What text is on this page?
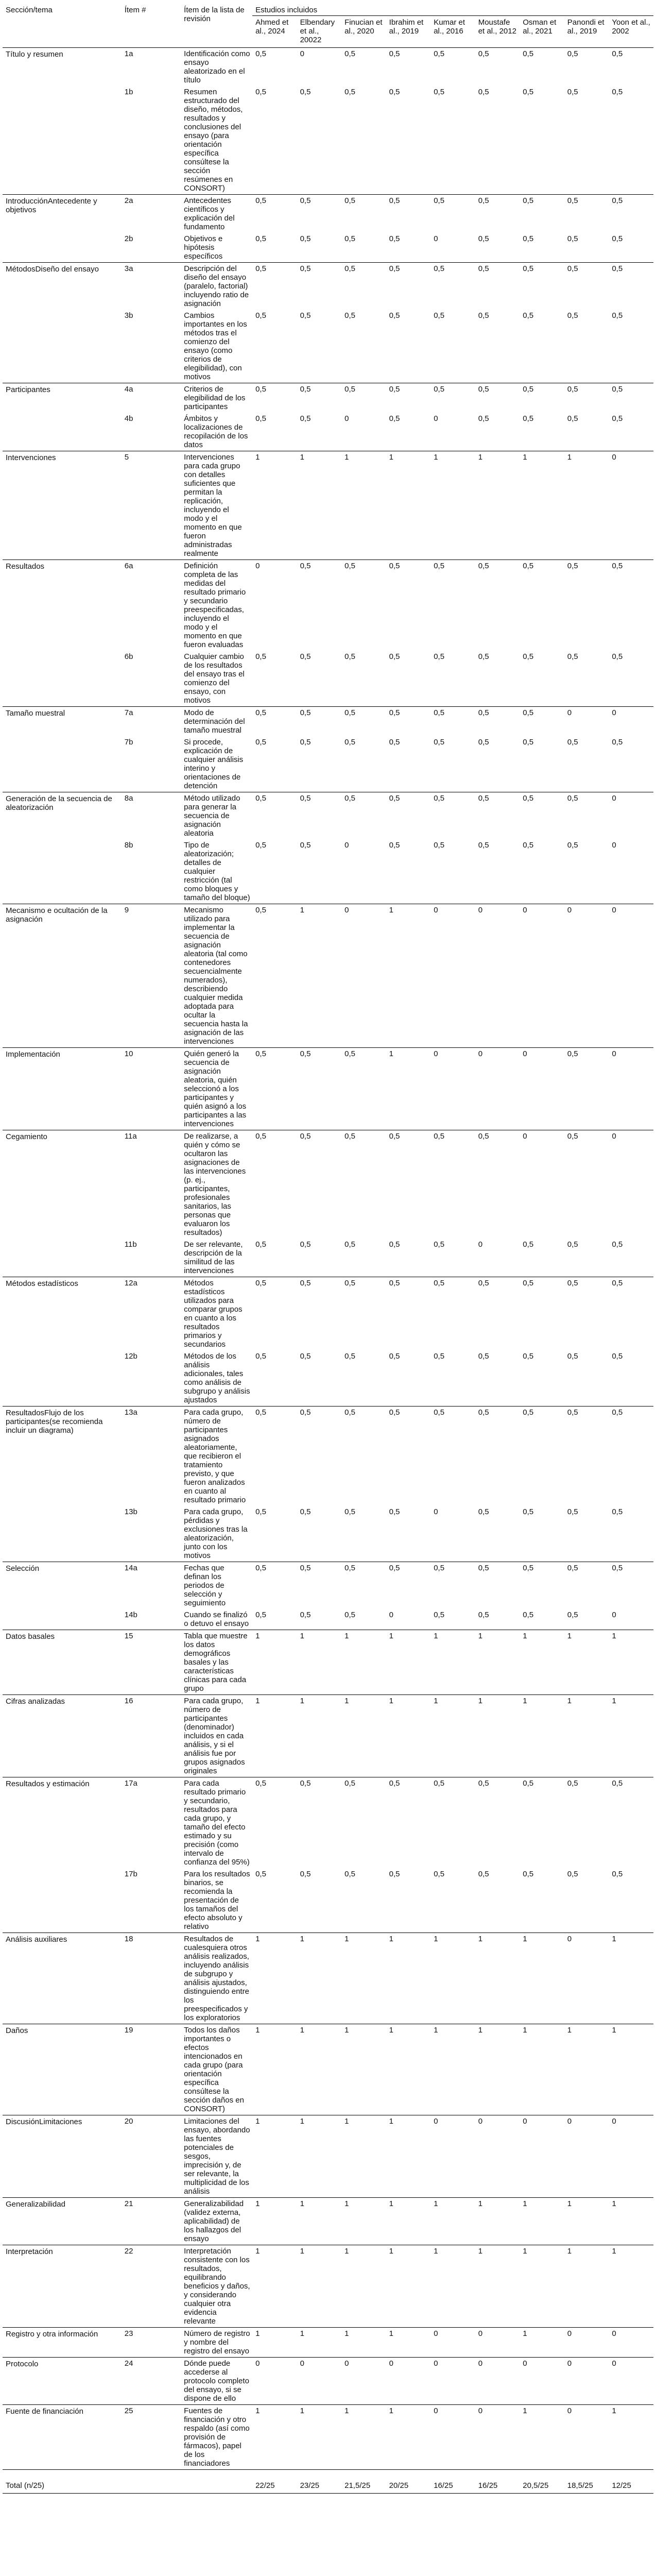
Sección/tema	Ítem #	Ítem de la lista de revisión	Estudios incluidos								
			Ahmed et al., 2024	Elbendary et al., 20022	Finucian et al., 2020	Ibrahim et al., 2019	Kumar et al., 2016	Moustafe et al., 2012	Osman et al., 2021	Panondi et al., 2019	Yoon et al., 2002
Título y resumen	1a	Identificación como ensayo aleatorizado en el título	0,5	0	0,5	0,5	0,5	0,5	0,5	0,5	0,5
	1b	Resumen estructurado del diseño, métodos, resultados y conclusiones del ensayo (para orientación específica consúltese la sección resúmenes en CONSORT)	0,5	0,5	0,5	0,5	0,5	0,5	0,5	0,5	0,5
IntroducciónAntecedente y objetivos	2a	Antecedentes científicos y explicación del fundamento	0,5	0,5	0,5	0,5	0,5	0,5	0,5	0,5	0,5
	2b	Objetivos e hipótesis específicos	0,5	0,5	0,5	0,5	0	0,5	0,5	0,5	0,5
MétodosDiseño del ensayo	3a	Descripción del diseño del ensayo (paralelo, factorial) incluyendo ratio de asignación	0,5	0,5	0,5	0,5	0,5	0,5	0,5	0,5	0,5
	3b	Cambios importantes en los métodos tras el comienzo del ensayo (como criterios de elegibilidad), con motivos	0,5	0,5	0,5	0,5	0,5	0,5	0,5	0,5	0,5
Participantes	4a	Criterios de elegibilidad de los participantes	0,5	0,5	0,5	0,5	0,5	0,5	0,5	0,5	0,5
	4b	Ámbitos y localizaciones de recopilación de los datos	0,5	0,5	0	0,5	0	0,5	0,5	0,5	0,5
Intervenciones	5	Intervenciones para cada grupo con detalles suficientes que permitan la replicación, incluyendo el modo y el momento en que fueron administradas realmente	1	1	1	1	1	1	1	1	0
Resultados	6a	Definición completa de las medidas del resultado primario y secundario preespecificadas, incluyendo el modo y el momento en que fueron evaluadas	0	0,5	0,5	0,5	0,5	0,5	0,5	0,5	0,5
	6b	Cualquier cambio de los resultados del ensayo tras el comienzo del ensayo, con motivos	0,5	0,5	0,5	0,5	0,5	0,5	0,5	0,5	0,5
Tamaño muestral	7a	Modo de determinación del tamaño muestral	0,5	0,5	0,5	0,5	0,5	0,5	0,5	0	0
	7b	Si procede, explicación de cualquier análisis interino y orientaciones de detención	0,5	0,5	0,5	0,5	0,5	0,5	0,5	0,5	0,5
Generación de la secuencia de aleatorización	8a	Método utilizado para generar la secuencia de asignación aleatoria	0,5	0,5	0,5	0,5	0,5	0,5	0,5	0,5	0
	8b	Tipo de aleatorización; detalles de cualquier restricción (tal como bloques y tamaño del bloque)	0,5	0,5	0	0,5	0,5	0,5	0,5	0,5	0
Mecanismo e ocultación de la asignación	9	Mecanismo utilizado para implementar la secuencia de asignación aleatoria (tal como contenedores secuencialmente numerados), describiendo cualquier medida adoptada para ocultar la secuencia hasta la asignación de las intervenciones	0,5	1	0	1	0	0	0	0	0
Implementación	10	Quién generó la secuencia de asignación aleatoria, quién seleccionó a los participantes y quién asignó a los participantes a las intervenciones	0,5	0,5	0,5	1	0	0	0	0,5	0
Cegamiento	11a	De realizarse, a quién y cómo se ocultaron las asignaciones de las intervenciones (p. ej., participantes, profesionales sanitarios, las personas que evaluaron los resultados)	0,5	0,5	0,5	0,5	0,5	0,5	0	0,5	0
	11b	De ser relevante, descripción de la similitud de las intervenciones	0,5	0,5	0,5	0,5	0,5	0	0,5	0,5	0,5
Métodos estadísticos	12a	Métodos estadísticos utilizados para comparar grupos en cuanto a los resultados primarios y secundarios	0,5	0,5	0,5	0,5	0,5	0,5	0,5	0,5	0,5
	12b	Métodos de los análisis adicionales, tales como análisis de subgrupo y análisis ajustados	0,5	0,5	0,5	0,5	0,5	0,5	0,5	0,5	0,5
ResultadosFlujo de los participantes(se recomienda incluir un diagrama)	13a	Para cada grupo, número de participantes asignados aleatoriamente, que recibieron el tratamiento previsto, y que fueron analizados en cuanto al resultado primario	0,5	0,5	0,5	0,5	0,5	0,5	0,5	0,5	0,5
	13b	Para cada grupo, pérdidas y exclusiones tras la aleatorización, junto con los motivos	0,5	0,5	0,5	0,5	0	0,5	0,5	0,5	0,5
Selección	14a	Fechas que definan los periodos de selección y seguimiento	0,5	0,5	0,5	0,5	0,5	0,5	0,5	0,5	0,5
	14b	Cuando se finalizó o detuvo el ensayo	0,5	0,5	0,5	0	0,5	0,5	0,5	0,5	0
Datos basales	15	Tabla que muestre los datos demográficos basales y las características clínicas para cada grupo	1	1	1	1	1	1	1	1	1
Cifras analizadas	16	Para cada grupo, número de participantes (denominador) incluidos en cada análisis, y si el análisis fue por grupos asignados originales	1	1	1	1	1	1	1	1	1
Resultados y estimación	17a	Para cada resultado primario y secundario, resultados para cada grupo, y tamaño del efecto estimado y su precisión (como intervalo de confianza del 95%)	0,5	0,5	0,5	0,5	0,5	0,5	0,5	0,5	0,5
	17b	Para los resultados binarios, se recomienda la presentación de los tamaños del efecto absoluto y relativo	0,5	0,5	0,5	0,5	0,5	0,5	0,5	0,5	0,5
Análisis auxiliares	18	Resultados de cualesquiera otros análisis realizados, incluyendo análisis de subgrupo y análisis ajustados, distinguiendo entre los preespecificados y los exploratorios	1	1	1	1	1	1	1	0	1
Daños	19	Todos los daños importantes o efectos intencionados en cada grupo (para orientación específica consúltese la sección daños en CONSORT)	1	1	1	1	1	1	1	1	1
DiscusiónLimitaciones	20	Limitaciones del ensayo, abordando las fuentes potenciales de sesgos, imprecisión y, de ser relevante, la multiplicidad de los análisis	1	1	1	1	0	0	0	0	0
Generalizabilidad	21	Generalizabilidad (validez externa, aplicabilidad) de los hallazgos del ensayo	1	1	1	1	1	1	1	1	1
Interpretación	22	Interpretación consistente con los resultados, equilibrando beneficios y daños, y considerando cualquier otra evidencia relevante	1	1	1	1	1	1	1	1	1
Registro y otra información	23	Número de registro y nombre del registro del ensayo	1	1	1	1	0	0	1	0	0
Protocolo	24	Dónde puede accederse al protocolo completo del ensayo, si se dispone de ello	0	0	0	0	0	0	0	0	0
Fuente de financiación	25	Fuentes de financiación y otro respaldo (así como provisión de fármacos), papel de los financiadores	1	1	1	1	0	0	1	0	1
Total (n/25)			22/25	23/25	21,5/25	20/25	16/25	16/25	20,5/25	18,5/25	12/25
